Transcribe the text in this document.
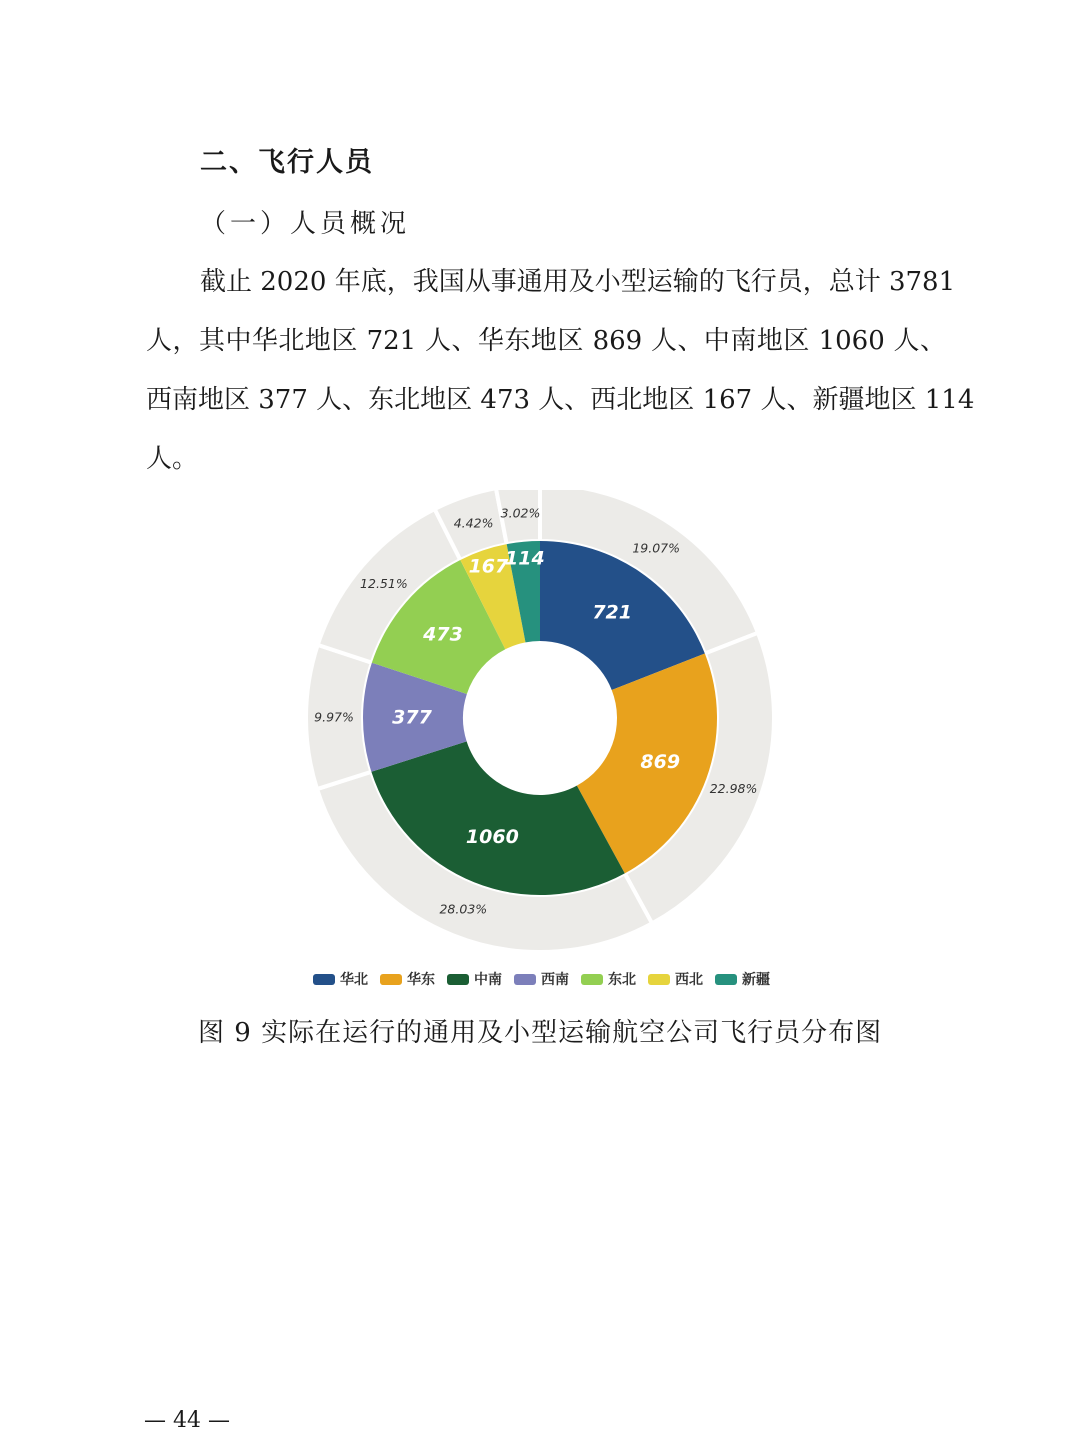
二、飞行人员
（一）人员概况
截止 2020 年底，我国从事通用及小型运输的飞行员，总计 3781
人，其中华北地区 721 人、华东地区 869 人、中南地区 1060 人、
西南地区 377 人、东北地区 473 人、西北地区 167 人、新疆地区 114
人。
721
869
1060
377
473
167
114	19.07%
22.98%
28.03%
9.97%
12.51%
4.42%
3.02%
华北	华东	中南	西南	东北	西北	新疆
图 9 实际在运行的通用及小型运输航空公司飞行员分布图
— 44 —
